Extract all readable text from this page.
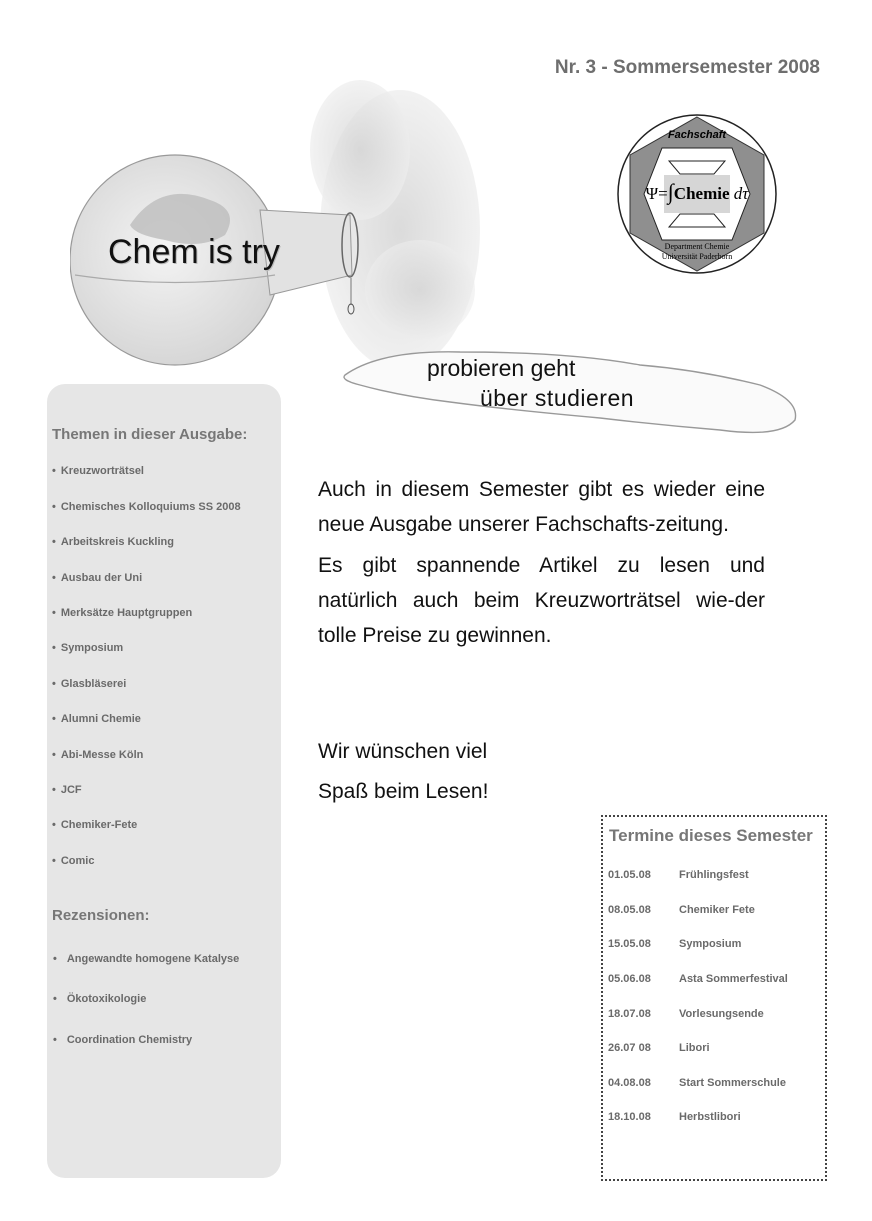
Nr. 3 - Sommersemester 2008
Chem is try
Fachschaft
Ψ=∫Chemie dτ
Department Chemie
Universität Paderborn
probieren geht
über studieren
Themen in dieser Ausgabe:
• Kreuzworträtsel
• Chemisches Kolloquiums SS 2008
• Arbeitskreis Kuckling
• Ausbau der Uni
• Merksätze Hauptgruppen
• Symposium
• Glasbläserei
• Alumni Chemie
• Abi-Messe Köln
• JCF
• Chemiker-Fete
• Comic
Rezensionen:
• Angewandte homogene Katalyse
• Ökotoxikologie
• Coordination Chemistry

Auch in diesem Semester gibt es wieder eine neue Ausgabe unserer Fachschafts-zeitung.

Es gibt spannende Artikel zu lesen und natürlich auch beim Kreuzworträtsel wie-der tolle Preise zu gewinnen.

Wir wünschen viel
Spaß beim Lesen!
Termine dieses Semester
01.05.08	Frühlingsfest
08.05.08	Chemiker Fete
15.05.08	Symposium
05.06.08	Asta Sommerfestival
18.07.08	Vorlesungsende
26.07 08	Libori
04.08.08	Start Sommerschule
18.10.08	Herbstlibori
